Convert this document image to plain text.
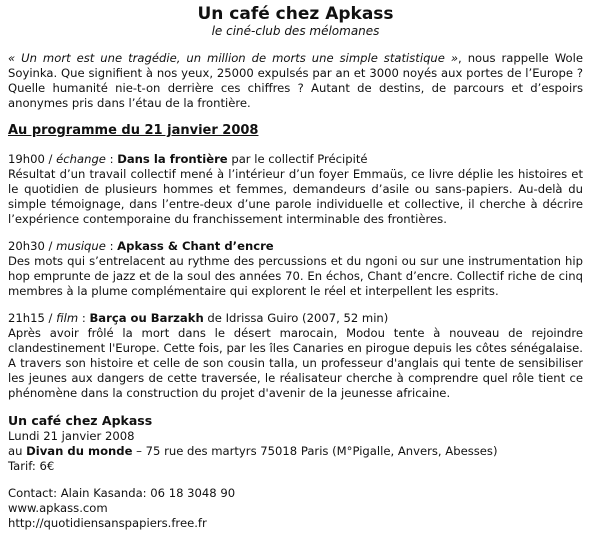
Un café chez Apkass
le ciné-club des mélomanes

« Un mort est une tragédie, un million de morts une simple statistique », nous rappelle Wole Soyinka. Que signifient à nos yeux, 25000 expulsés par an et 3000 noyés aux portes de l’Europe ? Quelle humanité nie-t-on derrière ces chiffres ? Autant de destins, de parcours et d’espoirs anonymes pris dans l’étau de la frontière.

Au programme du 21 janvier 2008

19h00 / échange : Dans la frontière par le collectif Précipité

Résultat d’un travail collectif mené à l’intérieur d’un foyer Emmaüs, ce livre déplie les histoires et le quotidien de plusieurs hommes et femmes, demandeurs d’asile ou sans-papiers. Au-delà du simple témoignage, dans l’entre-deux d’une parole individuelle et collective, il cherche à décrire l’expérience contemporaine du franchissement interminable des frontières.

20h30 / musique : Apkass & Chant d’encre

Des mots qui s’entrelacent au rythme des percussions et du ngoni ou sur une instrumentation hip hop emprunte de jazz et de la soul des années 70. En échos, Chant d’encre. Collectif riche de cinq membres à la plume complémentaire qui explorent le réel et interpellent les esprits.

21h15 / film : Barça ou Barzakh de Idrissa Guiro (2007, 52 min)

Après avoir frôlé la mort dans le désert marocain, Modou tente à nouveau de rejoindre clandestinement l'Europe. Cette fois, par les îles Canaries en pirogue depuis les côtes sénégalaise. A travers son histoire et celle de son cousin talla, un professeur d'anglais qui tente de sensibiliser les jeunes aux dangers de cette traversée, le réalisateur cherche à comprendre quel rôle tient ce phénomène dans la construction du projet d'avenir de la jeunesse africaine.

Un café chez Apkass
Lundi 21 janvier 2008
au Divan du monde – 75 rue des martyrs 75018 Paris (M°Pigalle, Anvers, Abesses)
Tarif: 6€
Contact: Alain Kasanda: 06 18 3048 90
www.apkass.com
http://quotidiensanspapiers.free.fr
